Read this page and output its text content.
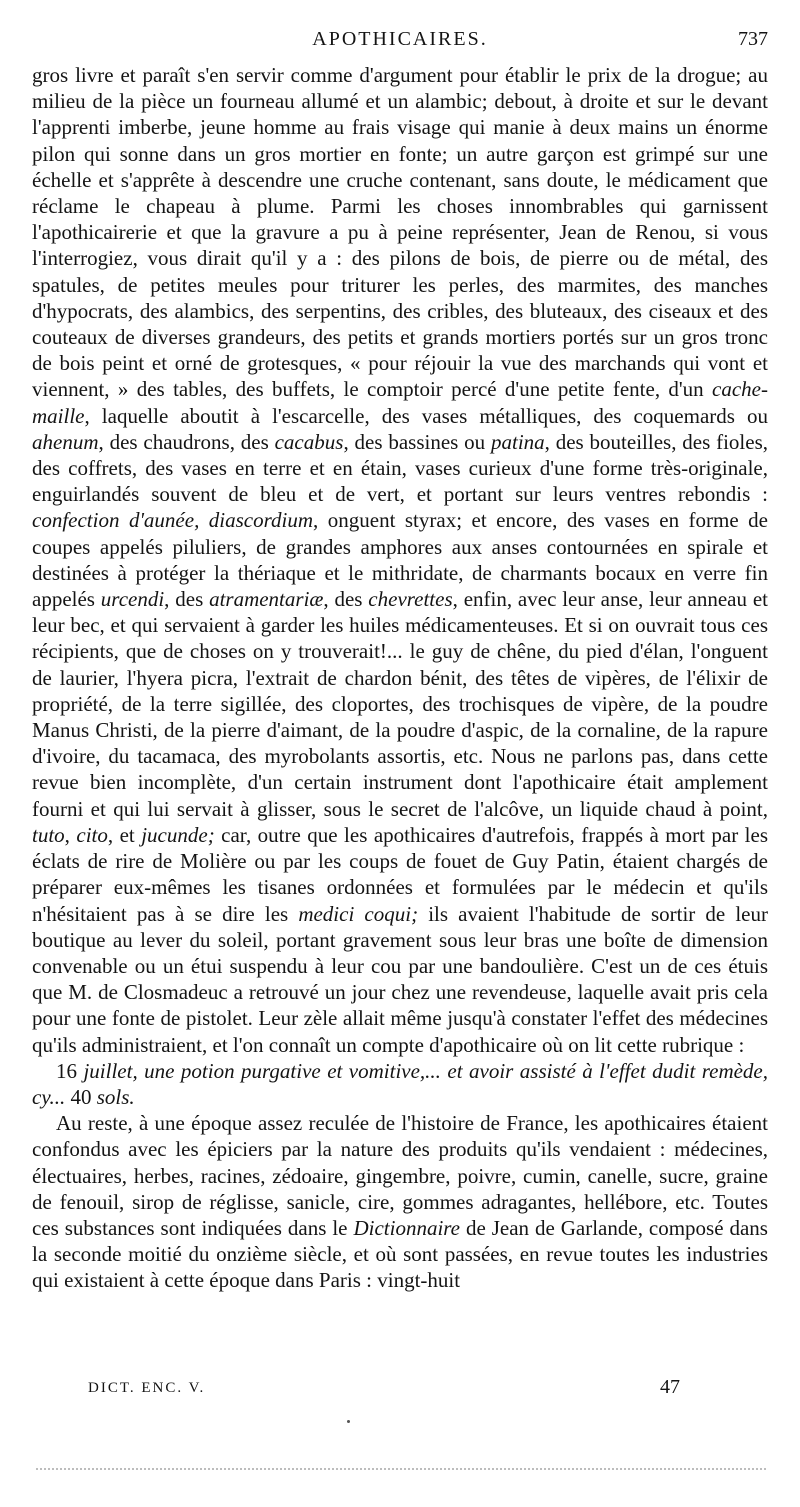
APOTHICAIRES.	737

gros livre et paraît s'en servir comme d'argument pour établir le prix de la drogue; au milieu de la pièce un fourneau allumé et un alambic; debout, à droite et sur le devant l'apprenti imberbe, jeune homme au frais visage qui manie à deux mains un énorme pilon qui sonne dans un gros mortier en fonte; un autre garçon est grimpé sur une échelle et s'apprête à descendre une cruche contenant, sans doute, le médicament que réclame le chapeau à plume. Parmi les choses innombrables qui garnissent l'apothicairerie et que la gravure a pu à peine représenter, Jean de Renou, si vous l'interrogiez, vous dirait qu'il y a : des pilons de bois, de pierre ou de métal, des spatules, de petites meules pour triturer les perles, des marmites, des manches d'hypocrats, des alambics, des serpentins, des cribles, des bluteaux, des ciseaux et des couteaux de diverses grandeurs, des petits et grands mortiers portés sur un gros tronc de bois peint et orné de grotesques, « pour réjouir la vue des marchands qui vont et viennent, » des tables, des buffets, le comptoir percé d'une petite fente, d'un cache-maille, laquelle aboutit à l'escarcelle, des vases métalliques, des coquemards ou ahenum, des chaudrons, des cacabus, des bassines ou patina, des bouteilles, des fioles, des coffrets, des vases en terre et en étain, vases curieux d'une forme très-originale, enguirlandés souvent de bleu et de vert, et portant sur leurs ventres rebondis : confection d'aunée, diascordium, onguent styrax; et encore, des vases en forme de coupes appelés piluliers, de grandes amphores aux anses contournées en spirale et destinées à protéger la thériaque et le mithridate, de charmants bocaux en verre fin appelés urcendi, des atramentariæ, des chevrettes, enfin, avec leur anse, leur anneau et leur bec, et qui servaient à garder les huiles médicamenteuses. Et si on ouvrait tous ces récipients, que de choses on y trouverait!... le guy de chêne, du pied d'élan, l'onguent de laurier, l'hyera picra, l'extrait de chardon bénit, des têtes de vipères, de l'élixir de propriété, de la terre sigillée, des cloportes, des trochisques de vipère, de la poudre Manus Christi, de la pierre d'aimant, de la poudre d'aspic, de la cornaline, de la rapure d'ivoire, du tacamaca, des myrobolants assortis, etc. Nous ne parlons pas, dans cette revue bien incomplète, d'un certain instrument dont l'apothicaire était amplement fourni et qui lui servait à glisser, sous le secret de l'alcôve, un liquide chaud à point, tuto, cito, et jucunde; car, outre que les apothicaires d'autrefois, frappés à mort par les éclats de rire de Molière ou par les coups de fouet de Guy Patin, étaient chargés de préparer eux-mêmes les tisanes ordonnées et formulées par le médecin et qu'ils n'hésitaient pas à se dire les medici coqui; ils avaient l'habitude de sortir de leur boutique au lever du soleil, portant gravement sous leur bras une boîte de dimension convenable ou un étui suspendu à leur cou par une bandoulière. C'est un de ces étuis que M. de Closmadeuc a retrouvé un jour chez une revendeuse, laquelle avait pris cela pour une fonte de pistolet. Leur zèle allait même jusqu'à constater l'effet des médecines qu'ils administraient, et l'on connaît un compte d'apothicaire où on lit cette rubrique :

16 juillet, une potion purgative et vomitive,... et avoir assisté à l'effet dudit remède, cy... 40 sols.

Au reste, à une époque assez reculée de l'histoire de France, les apothicaires étaient confondus avec les épiciers par la nature des produits qu'ils vendaient : médecines, électuaires, herbes, racines, zédoaire, gingembre, poivre, cumin, canelle, sucre, graine de fenouil, sirop de réglisse, sanicle, cire, gommes adragantes, hellébore, etc. Toutes ces substances sont indiquées dans le Dictionnaire de Jean de Garlande, composé dans la seconde moitié du onzième siècle, et où sont passées, en revue toutes les industries qui existaient à cette époque dans Paris : vingt-huit

DICT. ENC. V.	47
